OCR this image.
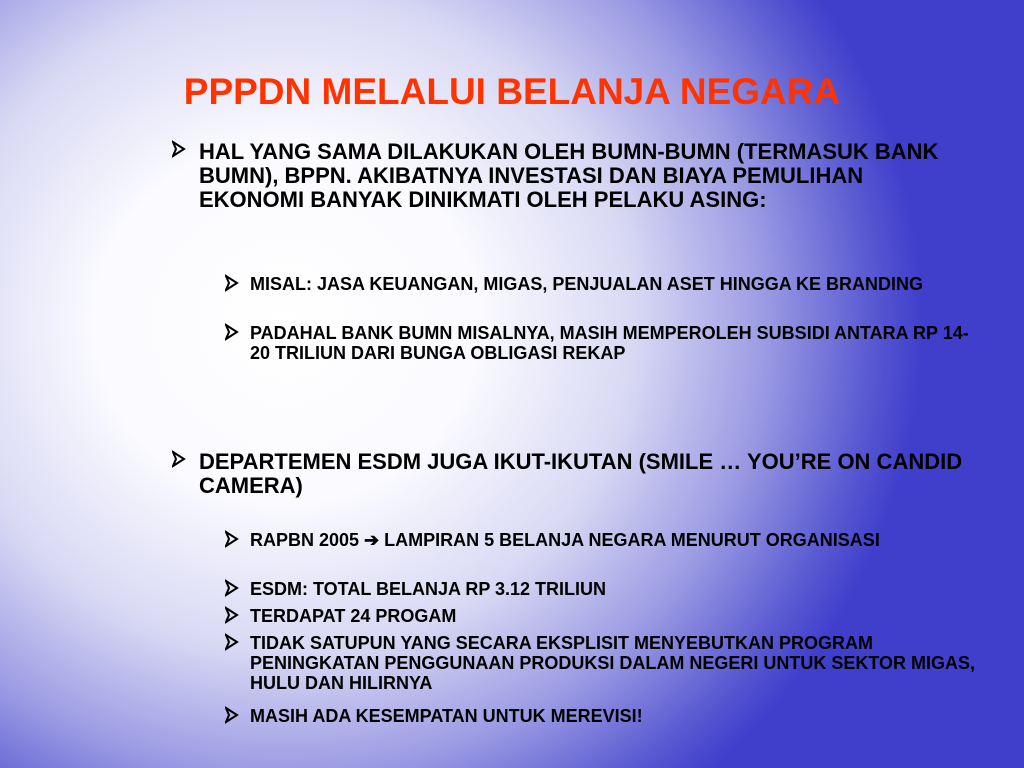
PPPDN MELALUI BELANJA NEGARA
HAL YANG SAMA DILAKUKAN OLEH BUMN-BUMN (TERMASUK BANK BUMN), BPPN. AKIBATNYA INVESTASI DAN BIAYA PEMULIHAN EKONOMI BANYAK DINIKMATI OLEH PELAKU ASING:
MISAL: JASA KEUANGAN, MIGAS, PENJUALAN ASET HINGGA KE BRANDING
PADAHAL BANK BUMN MISALNYA, MASIH MEMPEROLEH SUBSIDI ANTARA RP 14-20 TRILIUN DARI BUNGA OBLIGASI REKAP
DEPARTEMEN ESDM JUGA IKUT-IKUTAN (SMILE … YOU’RE ON CANDID CAMERA)
RAPBN 2005 ➔ LAMPIRAN 5 BELANJA NEGARA MENURUT ORGANISASI
ESDM: TOTAL BELANJA RP 3.12 TRILIUN
TERDAPAT 24 PROGAM
TIDAK SATUPUN YANG SECARA EKSPLISIT MENYEBUTKAN PROGRAM PENINGKATAN PENGGUNAAN PRODUKSI DALAM NEGERI UNTUK SEKTOR MIGAS, HULU DAN HILIRNYA
MASIH ADA KESEMPATAN UNTUK MEREVISI!
